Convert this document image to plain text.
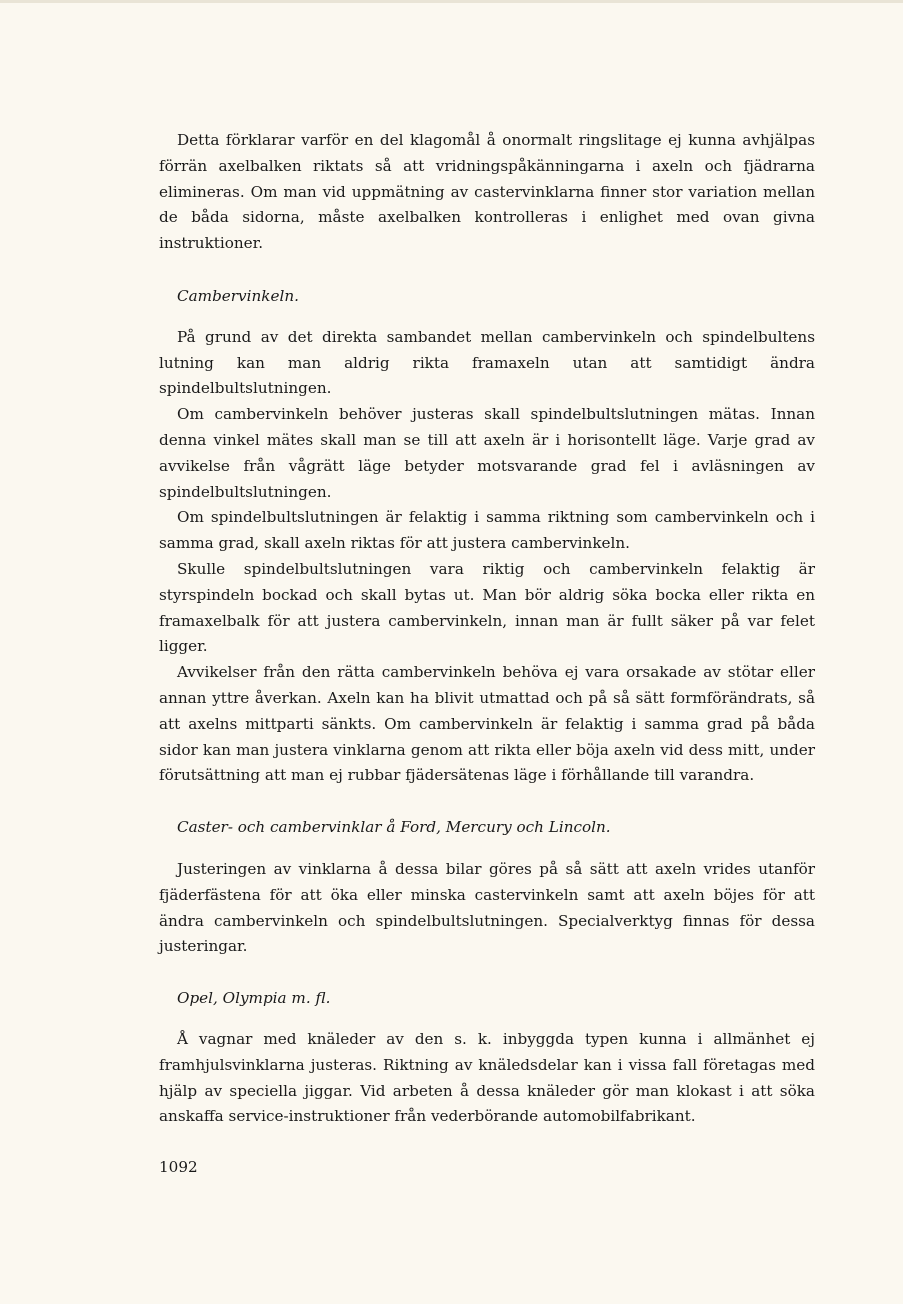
Detta förklarar varför en del klagomål å onormalt ringslitage ej kunna avhjälpas förrän axelbalken riktats så att vridningspåkänningarna i axeln och fjädrarna elimineras. Om man vid uppmätning av castervinklarna finner stor variation mellan de båda sidorna, måste axelbalken kontrolleras i enlighet med ovan givna instruktioner.

Cambervinkeln.

På grund av det direkta sambandet mellan cambervinkeln och spindelbultens lutning kan man aldrig rikta framaxeln utan att samtidigt ändra spindelbultslutningen.

Om cambervinkeln behöver justeras skall spindelbultslutningen mätas. Innan denna vinkel mätes skall man se till att axeln är i horisontellt läge. Varje grad av avvikelse från vågrätt läge betyder motsvarande grad fel i avläsningen av spindelbultslutningen.

Om spindelbultslutningen är felaktig i samma riktning som cambervinkeln och i samma grad, skall axeln riktas för att justera cambervinkeln.

Skulle spindelbultslutningen vara riktig och cambervinkeln felaktig är styrspindeln bockad och skall bytas ut. Man bör aldrig söka bocka eller rikta en framaxelbalk för att justera cambervinkeln, innan man är fullt säker på var felet ligger.

Avvikelser från den rätta cambervinkeln behöva ej vara orsakade av stötar eller annan yttre åverkan. Axeln kan ha blivit utmattad och på så sätt formförändrats, så att axelns mittparti sänkts. Om cambervinkeln är felaktig i samma grad på båda sidor kan man justera vinklarna genom att rikta eller böja axeln vid dess mitt, under förutsättning att man ej rubbar fjädersätenas läge i förhållande till varandra.

Caster- och cambervinklar å Ford, Mercury och Lincoln.

Justeringen av vinklarna å dessa bilar göres på så sätt att axeln vrides utanför fjäderfästena för att öka eller minska castervinkeln samt att axeln böjes för att ändra cambervinkeln och spindelbultslutningen. Specialverktyg finnas för dessa justeringar.

Opel, Olympia m. fl.

Å vagnar med knäleder av den s. k. inbyggda typen kunna i allmänhet ej framhjulsvinklarna justeras. Riktning av knäledsdelar kan i vissa fall företagas med hjälp av speciella jiggar. Vid arbeten å dessa knäleder gör man klokast i att söka anskaffa service-instruktioner från vederbörande automobilfabrikant.

1092
